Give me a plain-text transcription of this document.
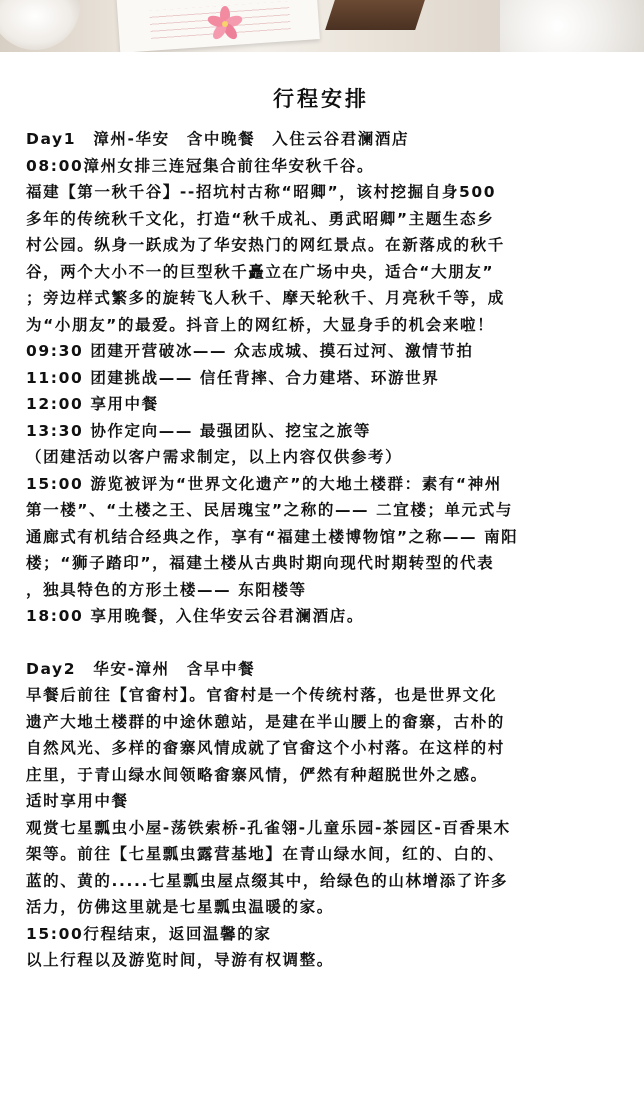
行程安排
Day1　漳州-华安　含中晚餐　入住云谷君澜酒店
08:00漳州女排三连冠集合前往华安秋千谷。
福建【第一秋千谷】--招坑村古称“昭卿”，该村挖掘自身500
多年的传统秋千文化，打造“秋千成礼、勇武昭卿”主题生态乡
村公园。纵身一跃成为了华安热门的网红景点。在新落成的秋千
谷，两个大小不一的巨型秋千矗立在广场中央，适合“大朋友”
；旁边样式繁多的旋转飞人秋千、摩天轮秋千、月亮秋千等，成
为“小朋友”的最爱。抖音上的网红桥，大显身手的机会来啦！
09:30 团建开营破冰—— 众志成城、摸石过河、激情节拍
11:00 团建挑战—— 信任背摔、合力建塔、环游世界
12:00 享用中餐
13:30 协作定向—— 最强团队、挖宝之旅等
（团建活动以客户需求制定，以上内容仅供参考）
15:00 游览被评为“世界文化遗产”的大地土楼群：素有“神州
第一楼”、“土楼之王、民居瑰宝”之称的—— 二宜楼；单元式与
通廊式有机结合经典之作，享有“福建土楼博物馆”之称—— 南阳
楼；“狮子踏印”，福建土楼从古典时期向现代时期转型的代表
，独具特色的方形土楼—— 东阳楼等
18:00 享用晚餐，入住华安云谷君澜酒店。
Day2　华安-漳州　含早中餐
早餐后前往【官畲村】。官畲村是一个传统村落，也是世界文化
遗产大地土楼群的中途休憩站，是建在半山腰上的畲寨，古朴的
自然风光、多样的畲寨风情成就了官畲这个小村落。在这样的村
庄里，于青山绿水间领略畲寨风情，俨然有种超脱世外之感。
适时享用中餐
观赏七星瓢虫小屋-荡铁索桥-孔雀翎-儿童乐园-茶园区-百香果木
架等。前往【七星瓢虫露营基地】在青山绿水间，红的、白的、
蓝的、黄的.....七星瓢虫屋点缀其中，给绿色的山林增添了许多
活力，仿佛这里就是七星瓢虫温暖的家。
15:00行程结束，返回温馨的家
以上行程以及游览时间，导游有权调整。
